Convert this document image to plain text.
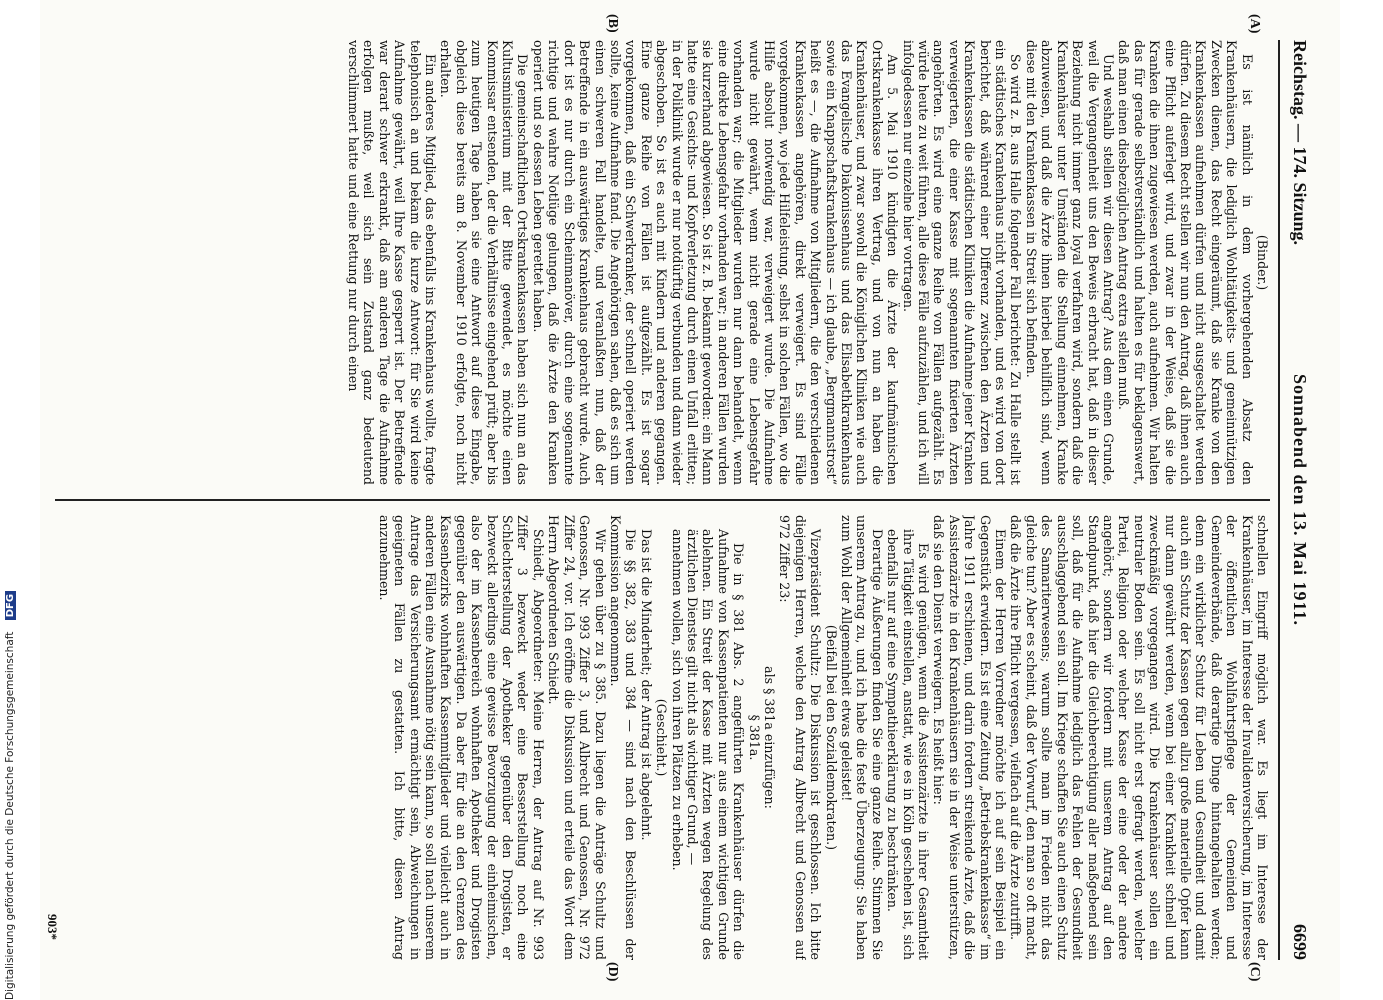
Reichstag. — 174. Sitzung.
Sonnabend den 13. Mai 1911.
6699
(A)
(B)
(C)
(D)

(Binder.)

Es ist nämlich in dem vorhergehenden Absatz den Krankenhäusern, die lediglich Wohltätigkeits- und gemeinnützigen Zwecken dienen, das Recht eingeräumt, daß sie Kranke von den Krankenkassen aufnehmen dürfen und nicht ausgeschaltet werden dürfen. Zu diesem Recht stellen wir nun den Antrag, daß ihnen auch eine Pflicht auferlegt wird, und zwar in der Weise, daß sie die Kranken die ihnen zugewiesen werden, auch aufnehmen. Wir halten das für gerade selbstverständlich und halten es für beklagenswert, daß man einen diesbezüglichen Antrag extra stellen muß.

Und weshalb stellen wir diesen Antrag? Aus dem einen Grunde, weil die Vergangenheit uns den Beweis erbracht hat, daß in dieser Beziehung nicht immer ganz loyal verfahren wird, sondern daß die Krankenhäuser unter Umständen die Stellung einnehmen, Kranke abzuweisen, und daß die Ärzte ihnen hierbei behilflich sind, wenn diese mit den Krankenkassen in Streit sich befinden.

So wird z. B. aus Halle folgender Fall berichtet: Zu Halle stellt ist ein städtisches Krankenhaus nicht vorhanden, und es wird von dort berichtet, daß während einer Differenz zwischen den Ärzten und Krankenkassen die städtischen Kliniken die Aufnahme jener Kranken verweigerten, die einer Kasse mit sogenannten fixierten Ärzten angehörten. Es wird eine ganze Reihe von Fällen aufgezählt. Es würde heute zu weit führen, alle diese Fälle aufzuzählen, und ich will infolgedessen nur einzelne hier vortragen.

Am 5. Mai 1910 kündigten die Ärzte der kaufmännischen Ortskrankenkasse ihren Vertrag, und von nun an haben die Krankenhäuser, und zwar sowohl die Königlichen Kliniken wie auch das Evangelische Diakonissenhaus und das Elisabethkrankenhaus sowie ein Knappschaftskrankenhaus — ich glaube, „Bergmannstrost“ heißt es —, die Aufnahme von Mitgliedern, die den verschiedenen Krankenkassen angehören, direkt verweigert. Es sind Fälle vorgekommen, wo jede Hilfeleistung, selbst in solchen Fällen, wo die Hilfe absolut notwendig war, verweigert wurde. Die Aufnahme wurde nicht gewährt, wenn nicht gerade eine Lebensgefahr vorhanden war; die Mitglieder wurden nur dann behandelt, wenn eine direkte Lebensgefahr vorhanden war; in anderen Fällen wurden sie kurzerhand abgewiesen. So ist z. B. bekannt geworden: ein Mann hatte eine Gesichts- und Kopfverletzung durch einen Unfall erlitten; in der Poliklinik wurde er nur notdürftig verbunden und dann wieder abgeschoben. So ist es auch mit Kindern und anderen gegangen. Eine ganze Reihe von Fällen ist aufgezählt. Es ist sogar vorgekommen, daß ein Schwerkranker, der schnell operiert werden sollte, keine Aufnahme fand. Die Angehörigen sahen, daß es sich um einen schweren Fall handelte, und veranlaßten nun, daß der Betreffende in ein auswärtiges Krankenhaus gebracht wurde. Auch dort ist es nur durch ein Scheinmanöver, durch eine sogenannte richtige und wahre Notlüge gelungen, daß die Ärzte den Kranken operiert und so dessen Leben gerettet haben.

Die gemeinschaftlichen Ortskrankenkassen haben sich nun an das Kultusministerium mit der Bitte gewendet, es möchte einen Kommissar entsenden, der die Verhältnisse eingehend prüft; aber bis zum heutigen Tage haben sie eine Antwort auf diese Eingabe, obgleich diese bereits am 8. November 1910 erfolgte, noch nicht erhalten.

Ein anderes Mitglied, das ebenfalls ins Krankenhaus wollte, fragte telephonisch an und bekam die kurze Antwort: für Sie wird keine Aufnahme gewährt, weil Ihre Kasse gesperrt ist. Der Betreffende war derart schwer erkrankt, daß am anderen Tage die Aufnahme erfolgen mußte, weil sich sein Zustand ganz bedeutend verschlimmert hatte und eine Rettung nur durch einen

schnellen Eingriff möglich war. Es liegt im Interesse der Krankenhäuser, im Interesse der Invalidenversicherung, im Interesse der öffentlichen Wohlfahrtspflege der Gemeinden und Gemeindeverbände, daß derartige Dinge hintangehalten werden; denn ein wirklicher Schutz für Leben und Gesundheit und damit auch ein Schutz der Kassen gegen allzu große materielle Opfer kann nur dann gewährt werden, wenn bei einer Krankheit schnell und zweckmäßig vorgegangen wird. Die Krankenhäuser sollen ein neutraler Boden sein. Es soll nicht erst gefragt werden, welcher Partei, Religion oder welcher Kasse der eine oder der andere angehört; sondern wir fordern mit unserem Antrag auf den Standpunkt, daß hier die Gleichberechtigung aller maßgebend sein soll, daß für die Aufnahme lediglich das Fehlen der Gesundheit ausschlaggebend sein soll. Im Kriege schaffen Sie auch einen Schutz des Samariterwesens; warum sollte man im Frieden nicht das gleiche tun? Aber es scheint, daß der Vorwurf, den man so oft macht, daß die Ärzte ihre Pflicht vergessen, vielfach auf die Ärzte zutrifft.

Einem der Herren Vorredner möchte ich auf sein Beispiel ein Gegenstück erwidern. Es ist eine Zeitung „Betriebskrankenkasse“ im Jahre 1911 erschienen, und darin fordern streikende Ärzte, daß die Assistenzärzte in den Krankenhäusern sie in der Weise unterstützen, daß sie den Dienst verweigern. Es heißt hier:

Es wird genügen, wenn die Assistenzärzte in ihrer Gesamtheit ihre Tätigkeit einstellen, anstatt, wie es in Köln geschehen ist, sich ebenfalls nur auf eine Sympathieerklärung zu beschränken.

Derartige Äußerungen finden Sie eine ganze Reihe. Stimmen Sie unserem Antrag zu, und ich habe die feste Überzeugung: Sie haben zum Wohl der Allgemeinheit etwas geleistet!

(Beifall bei den Sozialdemokraten.)

Vizepräsident Schultz: Die Diskussion ist geschlossen. Ich bitte diejenigen Herren, welche den Antrag Albrecht und Genossen auf 972 Ziffer 23:

als § 381a einzufügen:

§ 381a.

Die in § 381 Abs. 2 angeführten Krankenhäuser dürfen die Aufnahme von Kassenpatienten nur aus einem wichtigen Grunde ablehnen. Ein Streit der Kasse mit Ärzten wegen Regelung des ärztlichen Dienstes gilt nicht als wichtiger Grund, —

annehmen wollen, sich von ihren Plätzen zu erheben.

(Geschieht.)

Das ist die Minderheit; der Antrag ist abgelehnt.

Die §§ 382, 383 und 384 — sind nach den Beschlüssen der Kommission angenommen.

Wir gehen über zu § 385. Dazu liegen die Anträge Schultz und Genossen, Nr. 993 Ziffer 3, und Albrecht und Genossen, Nr. 972 Ziffer 24, vor. Ich eröffne die Diskussion und erteile das Wort dem Herrn Abgeordneten Schiedt.

Schiedt, Abgeordneter: Meine Herren, der Antrag auf Nr. 993 Ziffer 3 bezweckt weder eine Besserstellung noch eine Schlechterstellung der Apotheker gegenüber den Drogisten, er bezweckt allerdings eine gewisse Bevorzugung der einheimischen, also der im Kassenbereich wohnhaften Apotheker und Drogisten gegenüber den auswärtigen. Da aber für die an den Grenzen des Kassenbezirks wohnhaften Kassenmitglieder und vielleicht auch in anderen Fällen eine Ausnahme nötig sein kann, so soll nach unserem Antrage das Versicherungsamt ermächtigt sein, Abweichungen in geeigneten Fällen zu gestatten. Ich bitte, diesen Antrag anzunehmen.

903*
Digitalisierung gefördert durch die Deutsche Forschungsgemeinschaft DFG
